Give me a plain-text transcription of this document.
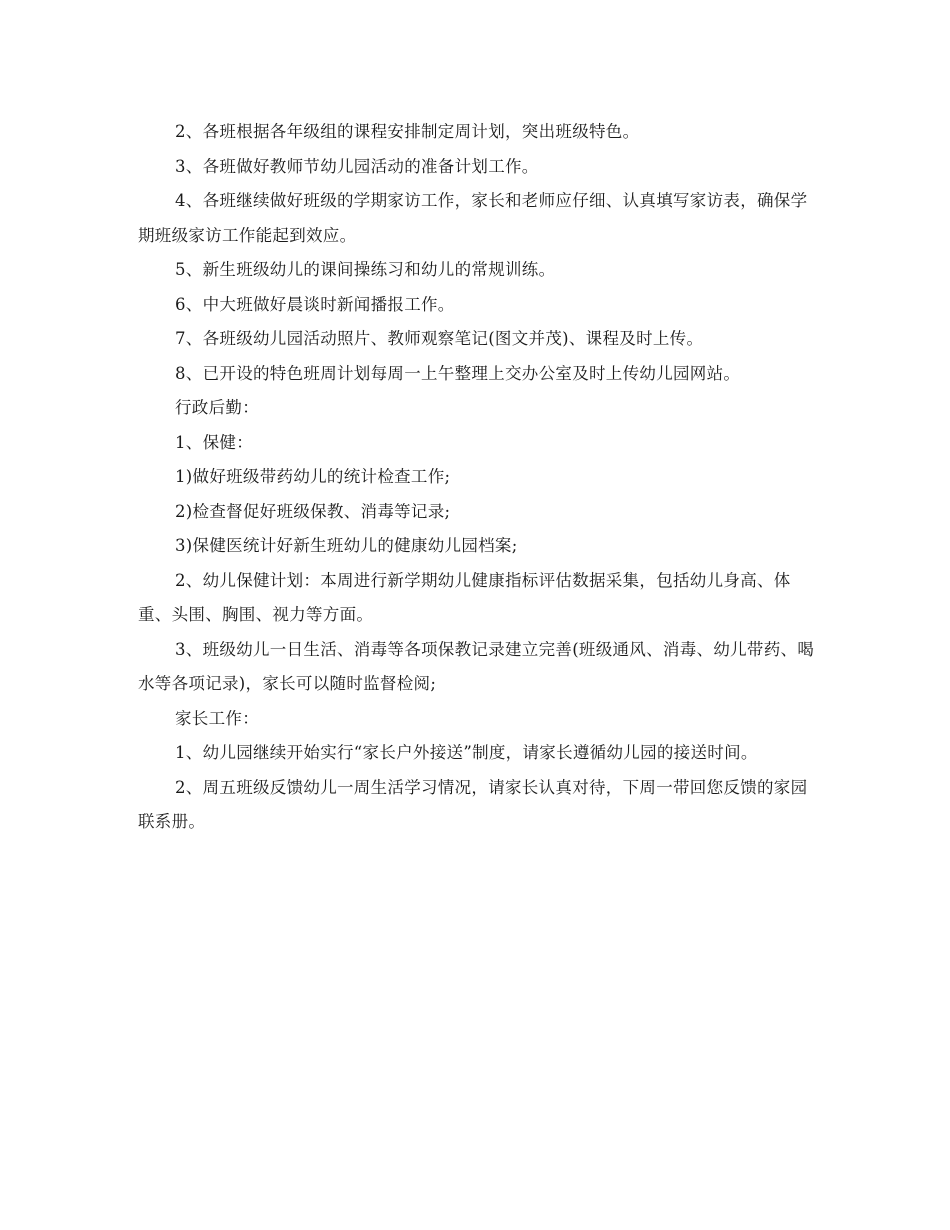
2、各班根据各年级组的课程安排制定周计划，突出班级特色。

3、各班做好教师节幼儿园活动的准备计划工作。

4、各班继续做好班级的学期家访工作，家长和老师应仔细、认真填写家访表，确保学期班级家访工作能起到效应。

5、新生班级幼儿的课间操练习和幼儿的常规训练。

6、中大班做好晨谈时新闻播报工作。

7、各班级幼儿园活动照片、教师观察笔记(图文并茂)、课程及时上传。

8、已开设的特色班周计划每周一上午整理上交办公室及时上传幼儿园网站。

行政后勤：

1、保健：

1)做好班级带药幼儿的统计检查工作;

2)检查督促好班级保教、消毒等记录;

3)保健医统计好新生班幼儿的健康幼儿园档案;

2、幼儿保健计划：本周进行新学期幼儿健康指标评估数据采集，包括幼儿身高、体重、头围、胸围、视力等方面。

3、班级幼儿一日生活、消毒等各项保教记录建立完善(班级通风、消毒、幼儿带药、喝水等各项记录)，家长可以随时监督检阅;

家长工作：

1、幼儿园继续开始实行“家长户外接送”制度，请家长遵循幼儿园的接送时间。

2、周五班级反馈幼儿一周生活学习情况，请家长认真对待，下周一带回您反馈的家园联系册。
